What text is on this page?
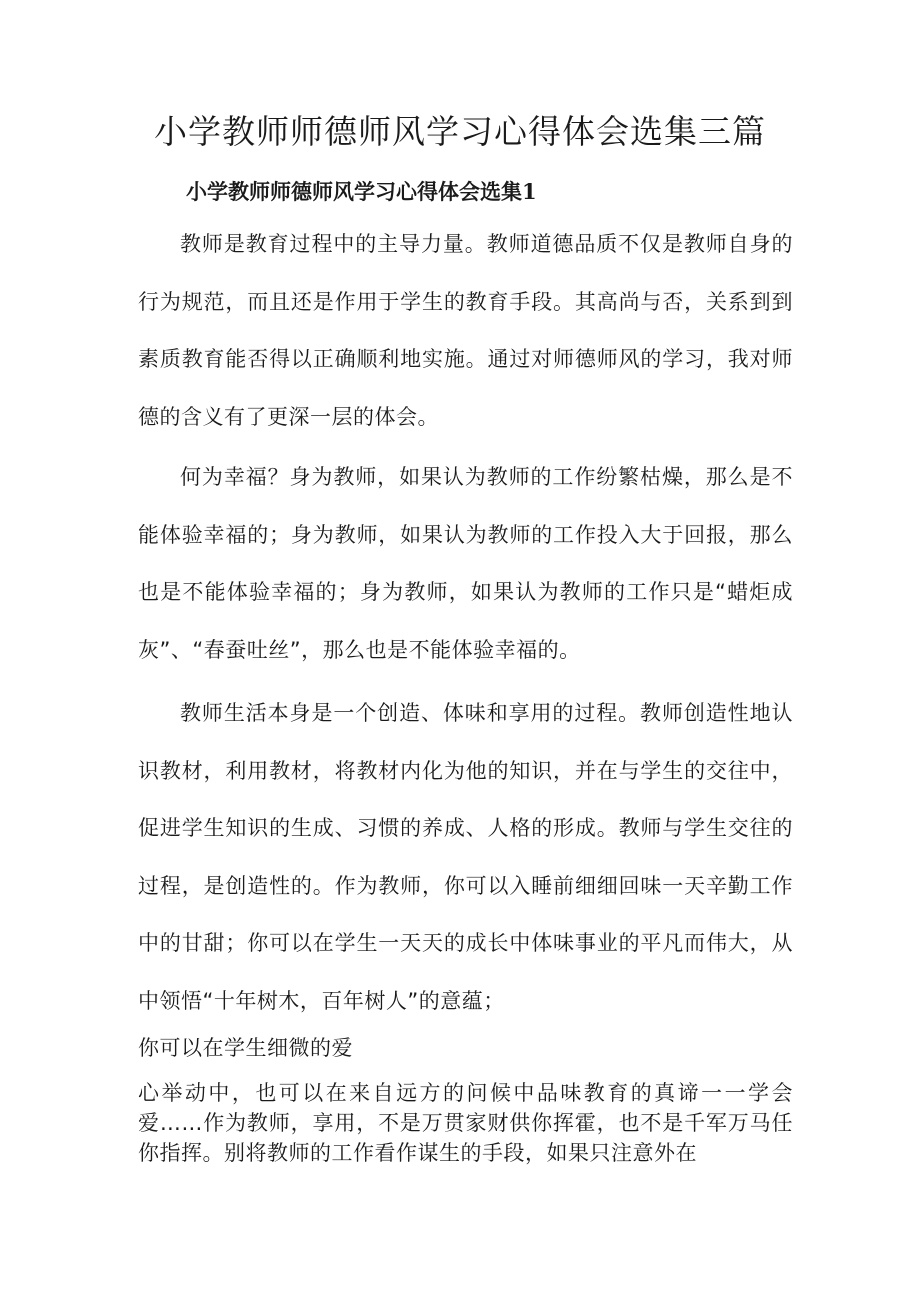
小学教师师德师风学习心得体会选集三篇
小学教师师德师风学习心得体会选集1

教师是教育过程中的主导力量。教师道德品质不仅是教师自身的行为规范，而且还是作用于学生的教育手段。其高尚与否，关系到到素质教育能否得以正确顺利地实施。通过对师德师风的学习，我对师德的含义有了更深一层的体会。

何为幸福？身为教师，如果认为教师的工作纷繁枯燥，那么是不能体验幸福的；身为教师，如果认为教师的工作投入大于回报，那么也是不能体验幸福的；身为教师，如果认为教师的工作只是“蜡炬成灰”、“春蚕吐丝”，那么也是不能体验幸福的。

教师生活本身是一个创造、体味和享用的过程。教师创造性地认识教材，利用教材，将教材内化为他的知识，并在与学生的交往中，促进学生知识的生成、习惯的养成、人格的形成。教师与学生交往的过程，是创造性的。作为教师，你可以入睡前细细回味一天辛勤工作中的甘甜；你可以在学生一天天的成长中体味事业的平凡而伟大，从中领悟“十年树木，百年树人”的意蕴；

你可以在学生细微的爱

心举动中，也可以在来自远方的问候中品味教育的真谛一一学会爱……作为教师，享用，不是万贯家财供你挥霍，也不是千军万马任你指挥。别将教师的工作看作谋生的手段，如果只注意外在
